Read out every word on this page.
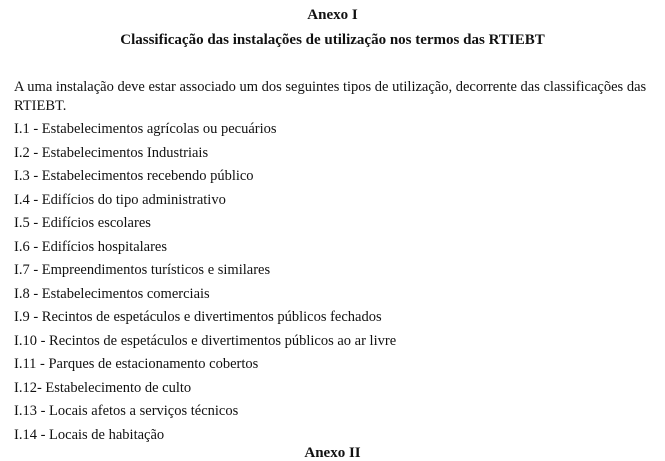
Anexo I
Classificação das instalações de utilização nos termos das RTIEBT

A uma instalação deve estar associado um dos seguintes tipos de utilização, decorrente das classificações das RTIEBT.

I.1 - Estabelecimentos agrícolas ou pecuários
I.2 - Estabelecimentos Industriais
I.3 - Estabelecimentos recebendo público
I.4 - Edifícios do tipo administrativo
I.5 - Edifícios escolares
I.6 - Edifícios hospitalares
I.7 - Empreendimentos turísticos e similares
I.8 - Estabelecimentos comerciais
I.9 - Recintos de espetáculos e divertimentos públicos fechados
I.10 - Recintos de espetáculos e divertimentos públicos ao ar livre
I.11 - Parques de estacionamento cobertos
I.12- Estabelecimento de culto
I.13 - Locais afetos a serviços técnicos
I.14 - Locais de habitação
Anexo II
